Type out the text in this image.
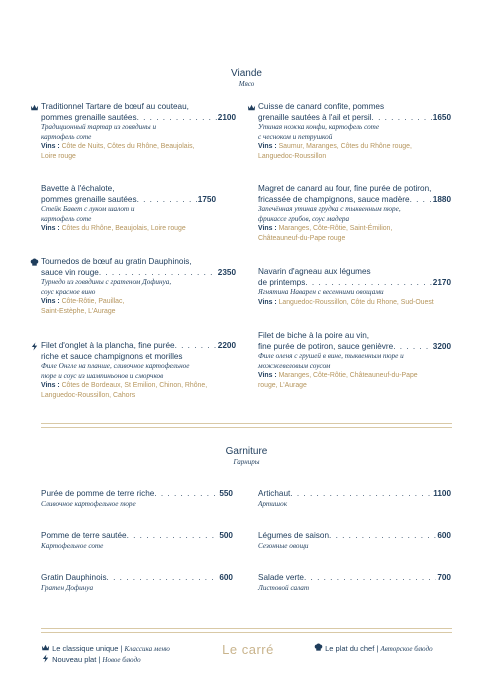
Viande
Мясо
Traditionnel Tartare de bœuf au couteau,
pommes grenaille sautées . . .	2100
Традиционный тартар из говядины и
картофель соте
Vins : Côte de Nuits, Côtes du Rhône, Beaujolais,
Loire rouge
Bavette à l'échalote,
pommes grenaille sautées . . .	1750
Стейк Бавет с луком шалот и
картофель соте
Vins : Côtes du Rhône, Beaujolais, Loire rouge
Tournedos de bœuf au gratin Dauphinois,
sauce vin rouge . . .	2350
Турнедо из говядины с гратеном Дофинуа,
соус красное вино
Vins : Côte-Rôtie, Pauillac,
Saint-Estèphe, L'Aurage
Filet d'onglet à la plancha, fine purée . . .	2200
riche et sauce champignons et morilles
Филе Онгле на планше, сливочное картофельное
пюре и соус из шампиньонов и сморчков
Vins : Côtes de Bordeaux, St Emilion, Chinon, Rhône,
Languedoc-Roussillon, Cahors
Cuisse de canard confite, pommes
grenaille sautées à l'ail et persil . . .	1650
Утиная ножка конфи, картофель соте
с чесноком и петрушкой
Vins : Saumur, Maranges, Côtes du Rhône rouge,
Languedoc-Roussillon
Magret de canard au four, fine purée de potiron,
fricassée de champignons, sauce madère . . .	1880
Запечённая утиная грудка с тыквенным пюре,
фрикассе грибов, соус мадера
Vins : Maranges, Côte-Rôtie, Saint-Émilion,
Châteauneuf-du-Pape rouge
Navarin d'agneau aux légumes
de printemps . . .	2170
Ягнятина Наварен с весенними овощами
Vins : Languedoc-Roussillon, Côte du Rhone, Sud-Ouest
Filet de biche à la poire au vin,
fine purée de potiron, sauce genièvre . . .	3200
Филе оленя с грушей в вине, тыквенным пюре и
можжевеловым соусом
Vins : Maranges, Côte-Rôtie, Châteauneuf-du-Pape
rouge, L'Aurage
Garniture
Гарниры
Purée de pomme de terre riche . . .	550
Сливочное картофельное пюре
Pomme de terre sautée . . .	500
Картофельное соте
Gratin Dauphinois . . .	600
Гратен Дофинуа
Artichaut . . .	1100
Артишок
Légumes de saison . . .	600
Сезонные овощи
Salade verte . . .	700
Листовой салат
Le classique unique | Классика меню
Nouveau plat | Новое блюдо
Le carré	Le plat du chef | Авторское блюдо
